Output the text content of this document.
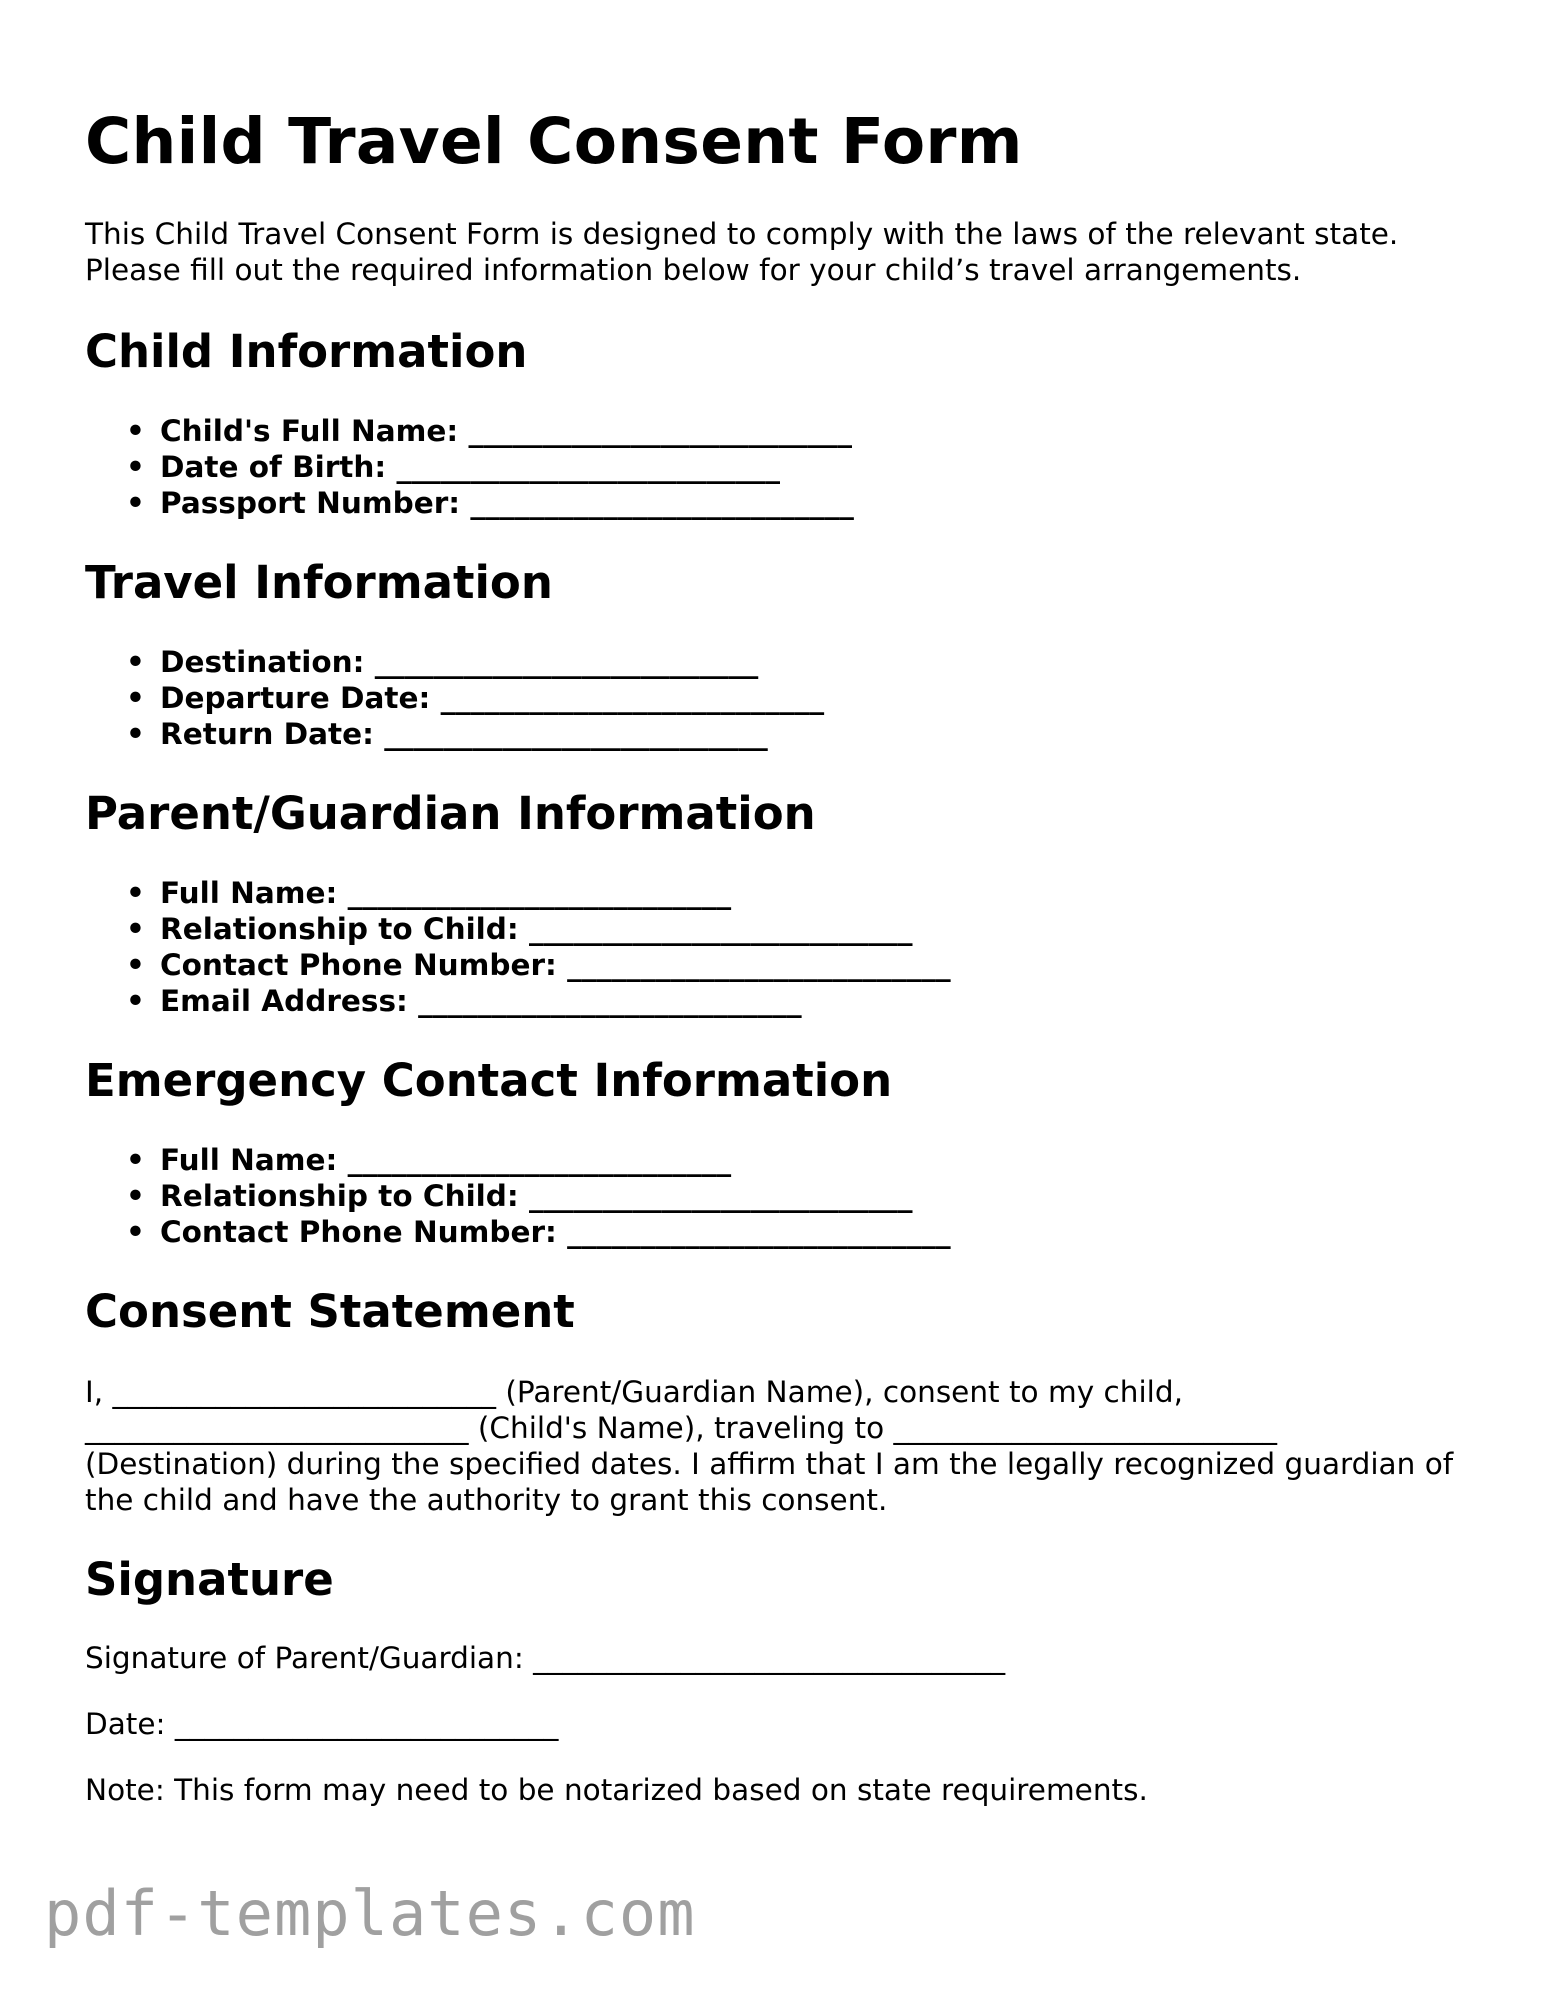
Child Travel Consent Form

This Child Travel Consent Form is designed to comply with the laws of the relevant state.
Please fill out the required information below for your child’s travel arrangements.

Child Information
• Child's Full Name: __________________________
• Date of Birth: __________________________
• Passport Number: __________________________
Travel Information
• Destination: __________________________
• Departure Date: __________________________
• Return Date: __________________________
Parent/Guardian Information
• Full Name: __________________________
• Relationship to Child: __________________________
• Contact Phone Number: __________________________
• Email Address: __________________________
Emergency Contact Information
• Full Name: __________________________
• Relationship to Child: __________________________
• Contact Phone Number: __________________________
Consent Statement

I, __________________________ (Parent/Guardian Name), consent to my child,
__________________________ (Child's Name), traveling to __________________________
(Destination) during the specified dates. I affirm that I am the legally recognized guardian of the child and have the authority to grant this consent.

Signature

Signature of Parent/Guardian: ________________________________

Date: __________________________

Note: This form may need to be notarized based on state requirements.

pdf-templates.com
